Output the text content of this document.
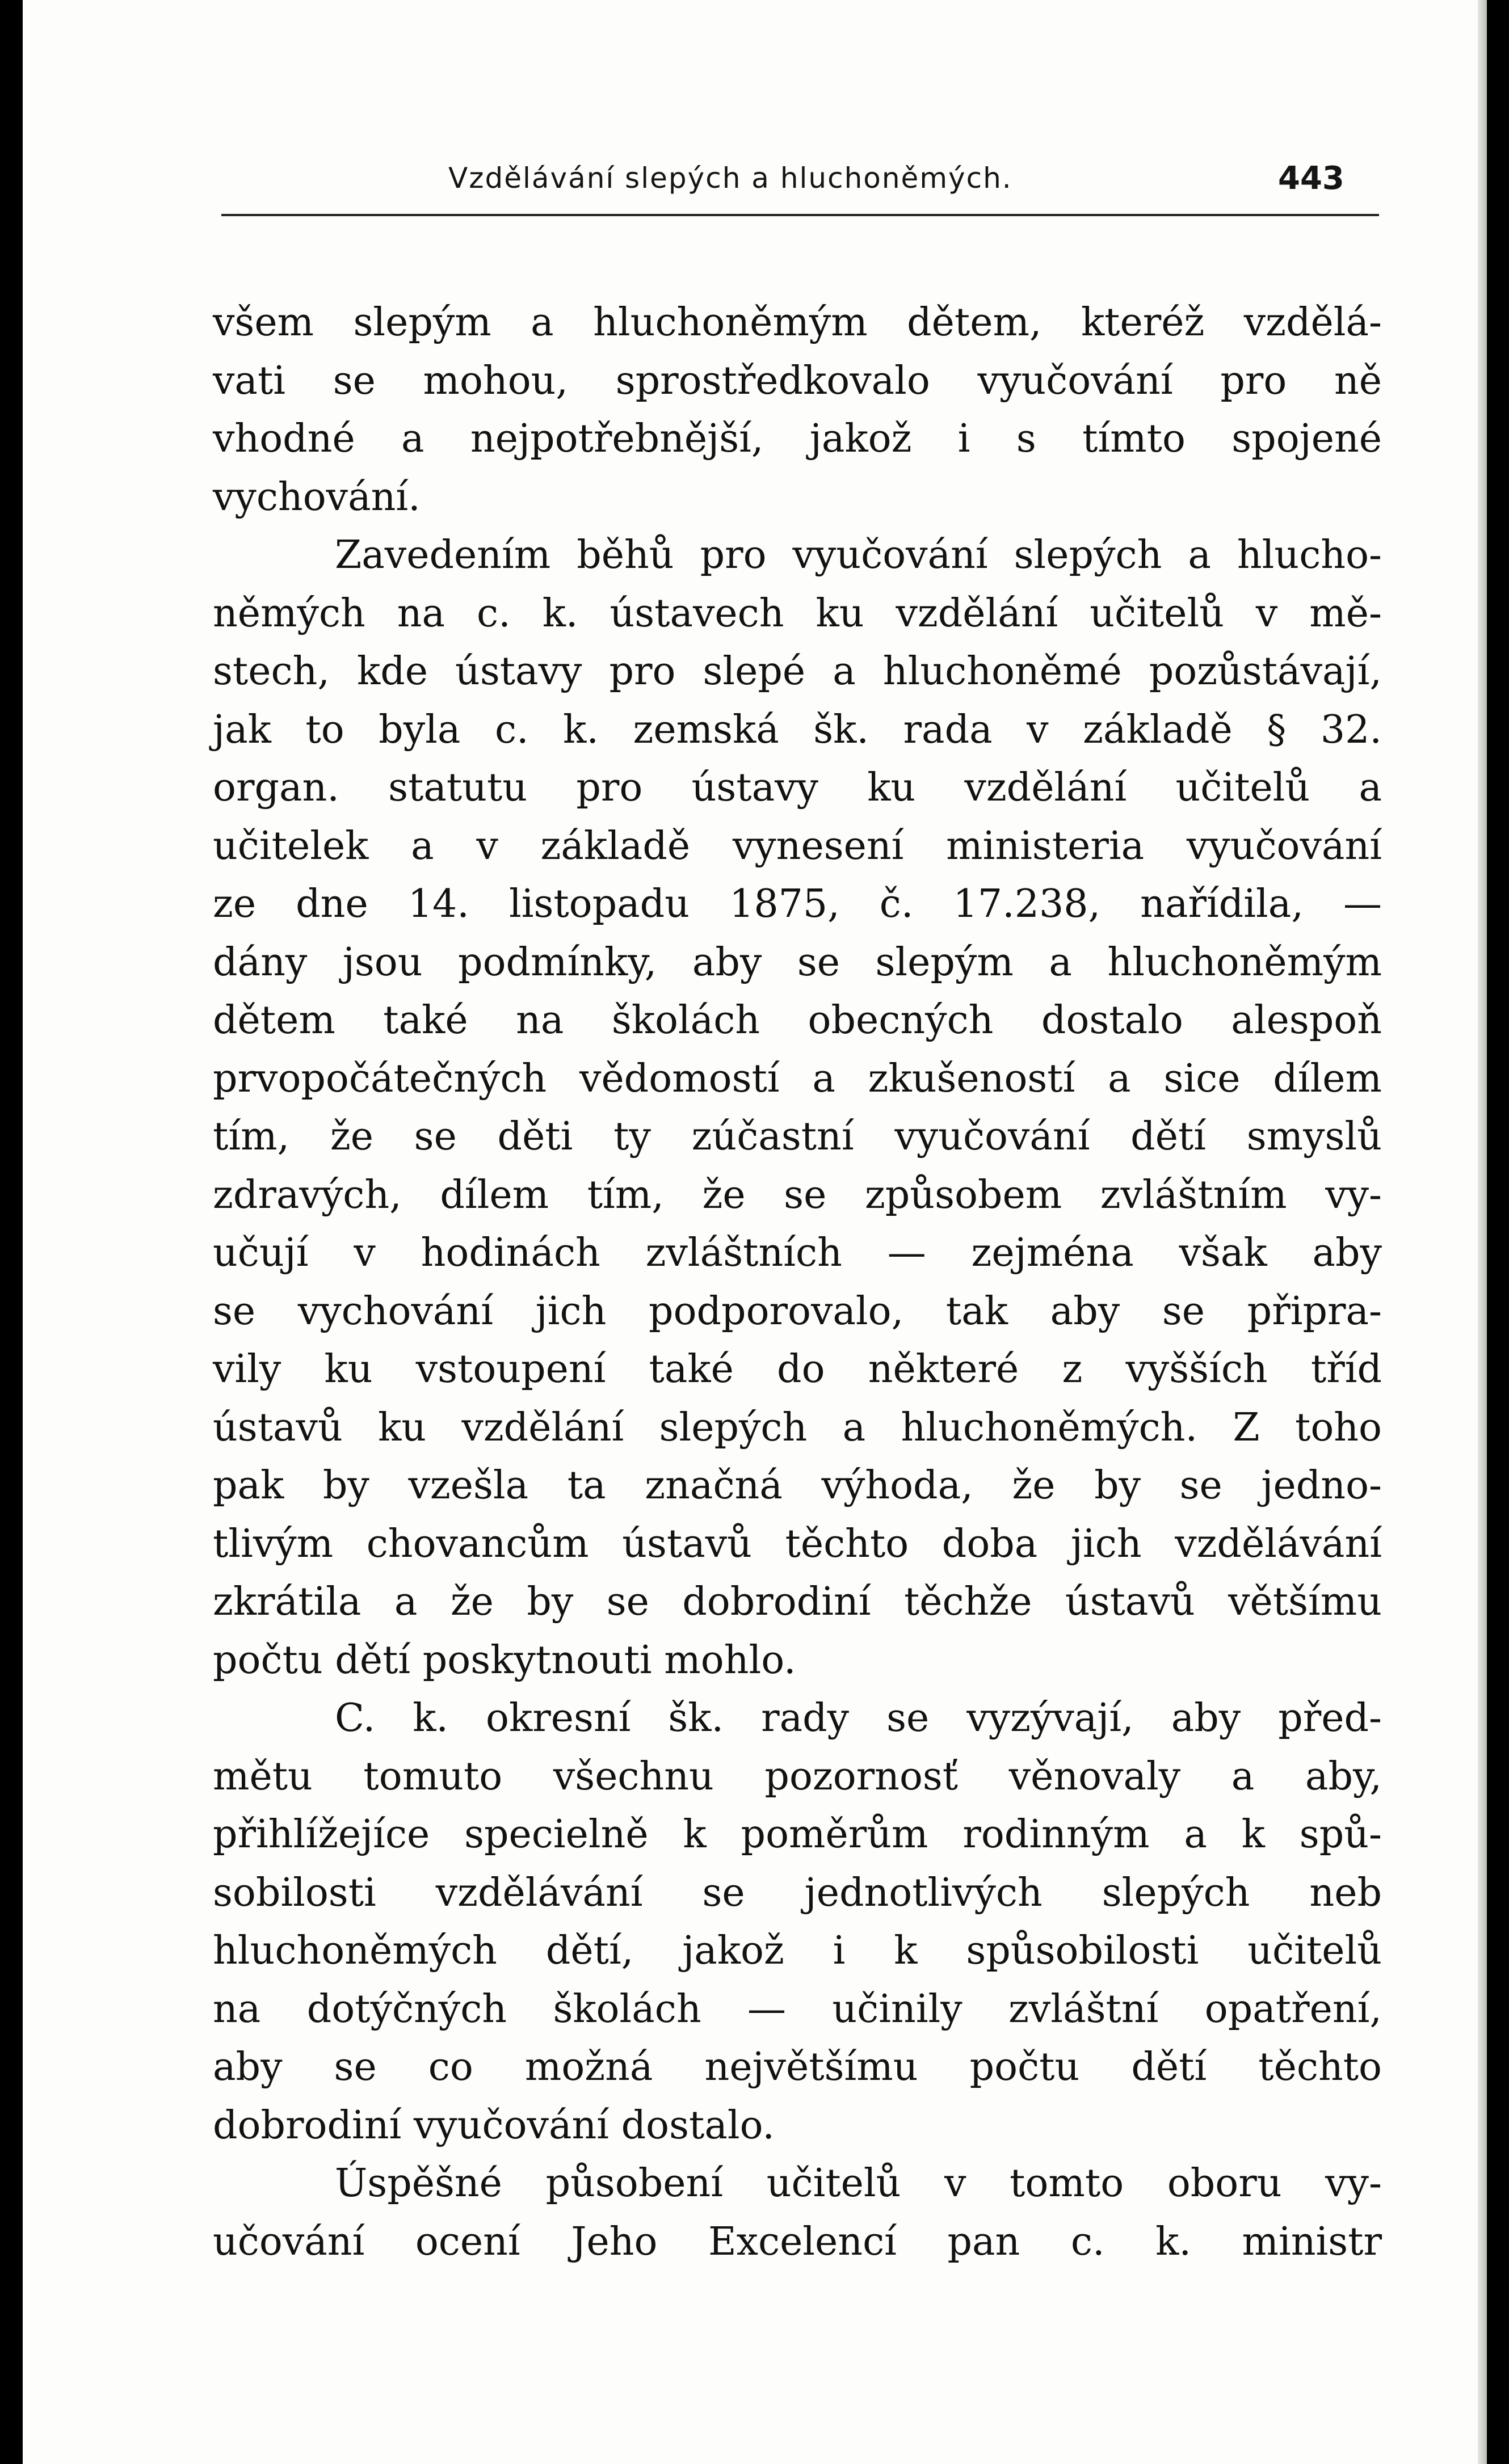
Vzdělávání slepých a hluchoněmých.	443
všem slepým a hluchoněmým dětem, kteréž vzdělá-
vati se mohou, sprostředkovalo vyučování pro ně
vhodné a nejpotřebnější, jakož i s tímto spojené
vychování.
Zavedením běhů pro vyučování slepých a hlucho-
němých na c. k. ústavech ku vzdělání učitelů v mě-
stech, kde ústavy pro slepé a hluchoněmé pozůstávají,
jak to byla c. k. zemská šk. rada v základě § 32.
organ. statutu pro ústavy ku vzdělání učitelů a
učitelek a v základě vynesení ministeria vyučování
ze dne 14. listopadu 1875, č. 17.238, nařídila, —
dány jsou podmínky, aby se slepým a hluchoněmým
dětem také na školách obecných dostalo alespoň
prvopočátečných vědomostí a zkušeností a sice dílem
tím, že se děti ty zúčastní vyučování dětí smyslů
zdravých, dílem tím, že se způsobem zvláštním vy-
učují v hodinách zvláštních — zejména však aby
se vychování jich podporovalo, tak aby se připra-
vily ku vstoupení také do některé z vyšších tříd
ústavů ku vzdělání slepých a hluchoněmých. Z toho
pak by vzešla ta značná výhoda, že by se jedno-
tlivým chovancům ústavů těchto doba jich vzdělávání
zkrátila a že by se dobrodiní těchže ústavů většímu
počtu dětí poskytnouti mohlo.
C. k. okresní šk. rady se vyzývají, aby před-
mětu tomuto všechnu pozornosť věnovaly a aby,
přihlížejíce specielně k poměrům rodinným a k spů-
sobilosti vzdělávání se jednotlivých slepých neb
hluchoněmých dětí, jakož i k spůsobilosti učitelů
na dotýčných školách — učinily zvláštní opatření,
aby se co možná největšímu počtu dětí těchto
dobrodiní vyučování dostalo.
Úspěšné působení učitelů v tomto oboru vy-
učování ocení Jeho Excelencí pan c. k. ministr
